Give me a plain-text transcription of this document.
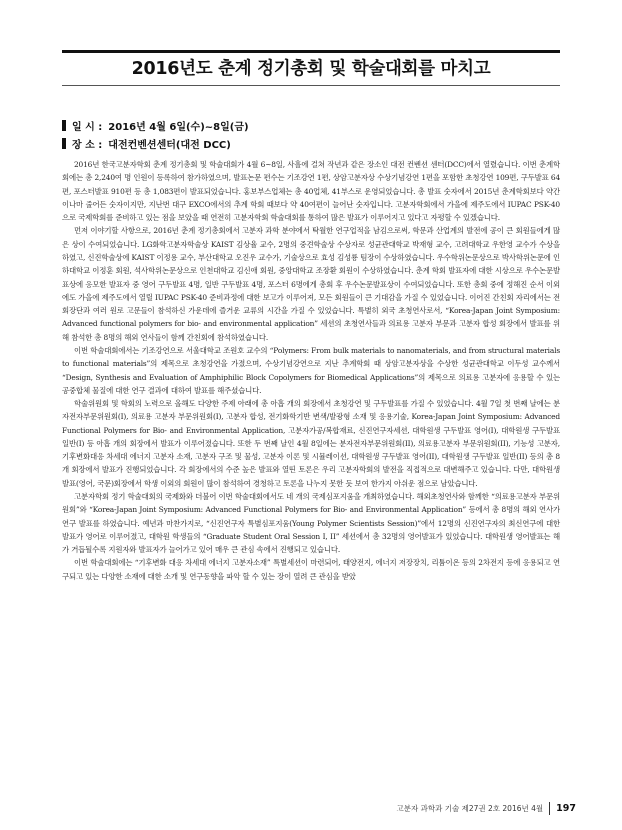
2016년도 춘계 정기총회 및 학술대회를 마치고
일 시 : 2016년 4월 6일(수)~8일(금)
장 소 : 대전컨벤션센터(대전 DCC)

2016년 한국고분자학회 춘계 정기총회 및 학술대회가 4월 6~8일, 사흘에 걸쳐 작년과 같은 장소인 대전 컨벤션 센터(DCC)에서 열렸습니다. 이번 춘계학회에는 총 2,240여 명 인원이 등록하여 참가하였으며, 발표논문 편수는 기조강연 1편, 상암고분자상 수상기념강연 1편을 포함한 초청강연 109편, 구두발표 64편, 포스터발표 910편 등 총 1,083편이 발표되었습니다. 홍보부스업체는 총 40업체, 41부스로 운영되었습니다. 총 발표 숫자에서 2015년 춘계학회보다 약간이나마 줄어든 숫자이지만, 지난번 대구 EXCO에서의 추계 학회 때보다 약 40여편이 늘어난 숫자입니다. 고분자학회에서 가을에 제주도에서 IUPAC PSK-40으로 국제학회를 준비하고 있는 점을 보았을 때 연전히 고분자학회 학술대회를 통하여 많은 발표가 이루어지고 있다고 자평할 수 있겠습니다.

먼저 이야기할 사항으로, 2016년 춘계 정기총회에서 고분자 과학 분야에서 탁월한 연구업적을 남김으로써, 학문과 산업계의 발전에 공이 큰 회원들에게 많은 상이 수여되었습니다. LG화학고분자학술상 KAIST 김상율 교수, 2명의 중견학술상 수상자로 성균관대학교 박재형 교수, 고려대학교 우한영 교수가 수상을 하였고, 신진학술상에 KAIST 이정용 교수, 부산대학교 오진우 교수가, 기술상으로 효성 김성룡 팀장이 수상하였습니다. 우수학위논문상으로 박사학위논문에 인하대학교 이정훈 회원, 석사학위논문상으로 인천대학교 김신애 회원, 중앙대학교 조장환 회원이 수상하였습니다. 춘계 학회 발표자에 대한 시상으로 우수논문발표상에 응모한 발표자 중 영어 구두발표 4명, 일반 구두발표 4명, 포스터 6명에게 총회 후 우수논문발표상이 수여되었습니다. 또한 총회 중에 정해진 순서 이외에도 가을에 제주도에서 열릴 IUPAC PSK-40 준비과정에 대한 보고가 이루어져, 모든 회원들이 큰 기대감을 가질 수 있었습니다. 이어진 간친회 자리에서는 전 회장단과 여러 원로 고문들이 참석하신 가운데에 즐거운 교류의 시간을 가질 수 있었습니다. 특별히 외국 초청연사로서, “Korea-Japan Joint Symposium: Advanced functional polymers for bio- and environmental application” 세션의 초청연사들과 의료용 고분자 부문과 고분자 합성 회장에서 발표를 위해 참석한 총 8명의 해외 연사들이 함께 간친회에 참석하였습니다.

이번 학술대회에서는 기조강연으로 서울대학교 조원호 교수의 “Polymers: From bulk materials to nanomaterials, and from structural materials to functional materials”의 제목으로 초청강연을 가졌으며, 수상기념강연으로 지난 추계학회 때 상암고분자상을 수상한 성균관대학교 이두성 교수께서 “Design, Synthesis and Evaluation of Amphiphilic Block Copolymers for Biomedical Applications”의 제목으로 의료용 고분자에 응용할 수 있는 공중합체 물질에 대한 연구 결과에 대하여 발표를 해주셨습니다.

학술위원회 및 학회의 노력으로 올해도 다양한 주제 아래에 총 아홉 개의 회장에서 초청강연 및 구두발표를 가질 수 있었습니다. 4월 7일 첫 번째 날에는 분자전자부문위원회(I), 의료용 고분자 부문위원회(I), 고분자 합성, 전기화학기반 변색/발광형 소재 및 응용기술, Korea-Japan Joint Symposium: Advanced Functional Polymers for Bio- and Environmental Application, 고분자가공/복합재료, 신진연구자세션, 대학원생 구두발표 영어(I), 대학원생 구두발표 일반(I) 등 아홉 개의 회장에서 발표가 이루어졌습니다. 또한 두 번째 날인 4월 8일에는 분자전자부문위원회(II), 의료용고분자 부문위원회(II), 기능성 고분자, 기후변화대응 차세대 에너지 고분자 소재, 고분자 구조 및 물성, 고분자 이론 및 시뮬레이션, 대학원생 구두발표 영어(II), 대학원생 구두발표 일반(II) 등의 총 8개 회장에서 발표가 진행되었습니다. 각 회장에서의 수준 높은 발표와 열띤 토론은 우리 고분자학회의 발전을 직접적으로 대변해주고 있습니다. 다만, 대학원생 발표(영어, 국문)회장에서 학생 이외의 회원이 많이 참석하여 경청하고 토론을 나누지 못한 듯 보여 한가지 아쉬운 점으로 남았습니다.

고분자학회 정기 학술대회의 국제화와 더불어 이번 학술대회에서도 네 개의 국제심포지움을 개최하였습니다. 해외초청연사와 함께한 “의료용고분자 부문위원회”와 “Korea-Japan Joint Symposium: Advanced Functional Polymers for Bio- and Environmental Application” 등에서 총 8명의 해외 연사가 연구 발표를 하였습니다. 예년과 마찬가지로, “신진연구자 특별심포지움(Young Polymer Scientists Session)”에서 12명의 신진연구자의 최신연구에 대한 발표가 영어로 이루어졌고, 대학원 학생들의 “Graduate Student Oral Session I, II” 세션에서 총 32명의 영어발표가 있었습니다. 대학원생 영어발표는 해가 거듭될수록 지원자와 발표자가 늘어가고 있어 매우 큰 관심 속에서 진행되고 있습니다.

이번 학술대회에는 “기후변화 대응 차세대 에너지 고분자소재” 특별세션이 마련되어, 태양전지, 에너지 저장장치, 리튬이온 등의 2차전지 등에 응용되고 연구되고 있는 다양한 소재에 대한 소개 및 연구동향을 파악 할 수 있는 장이 열려 큰 관심을 받았

고분자 과학과 기술 제27권 2호 2016년 4월 197
